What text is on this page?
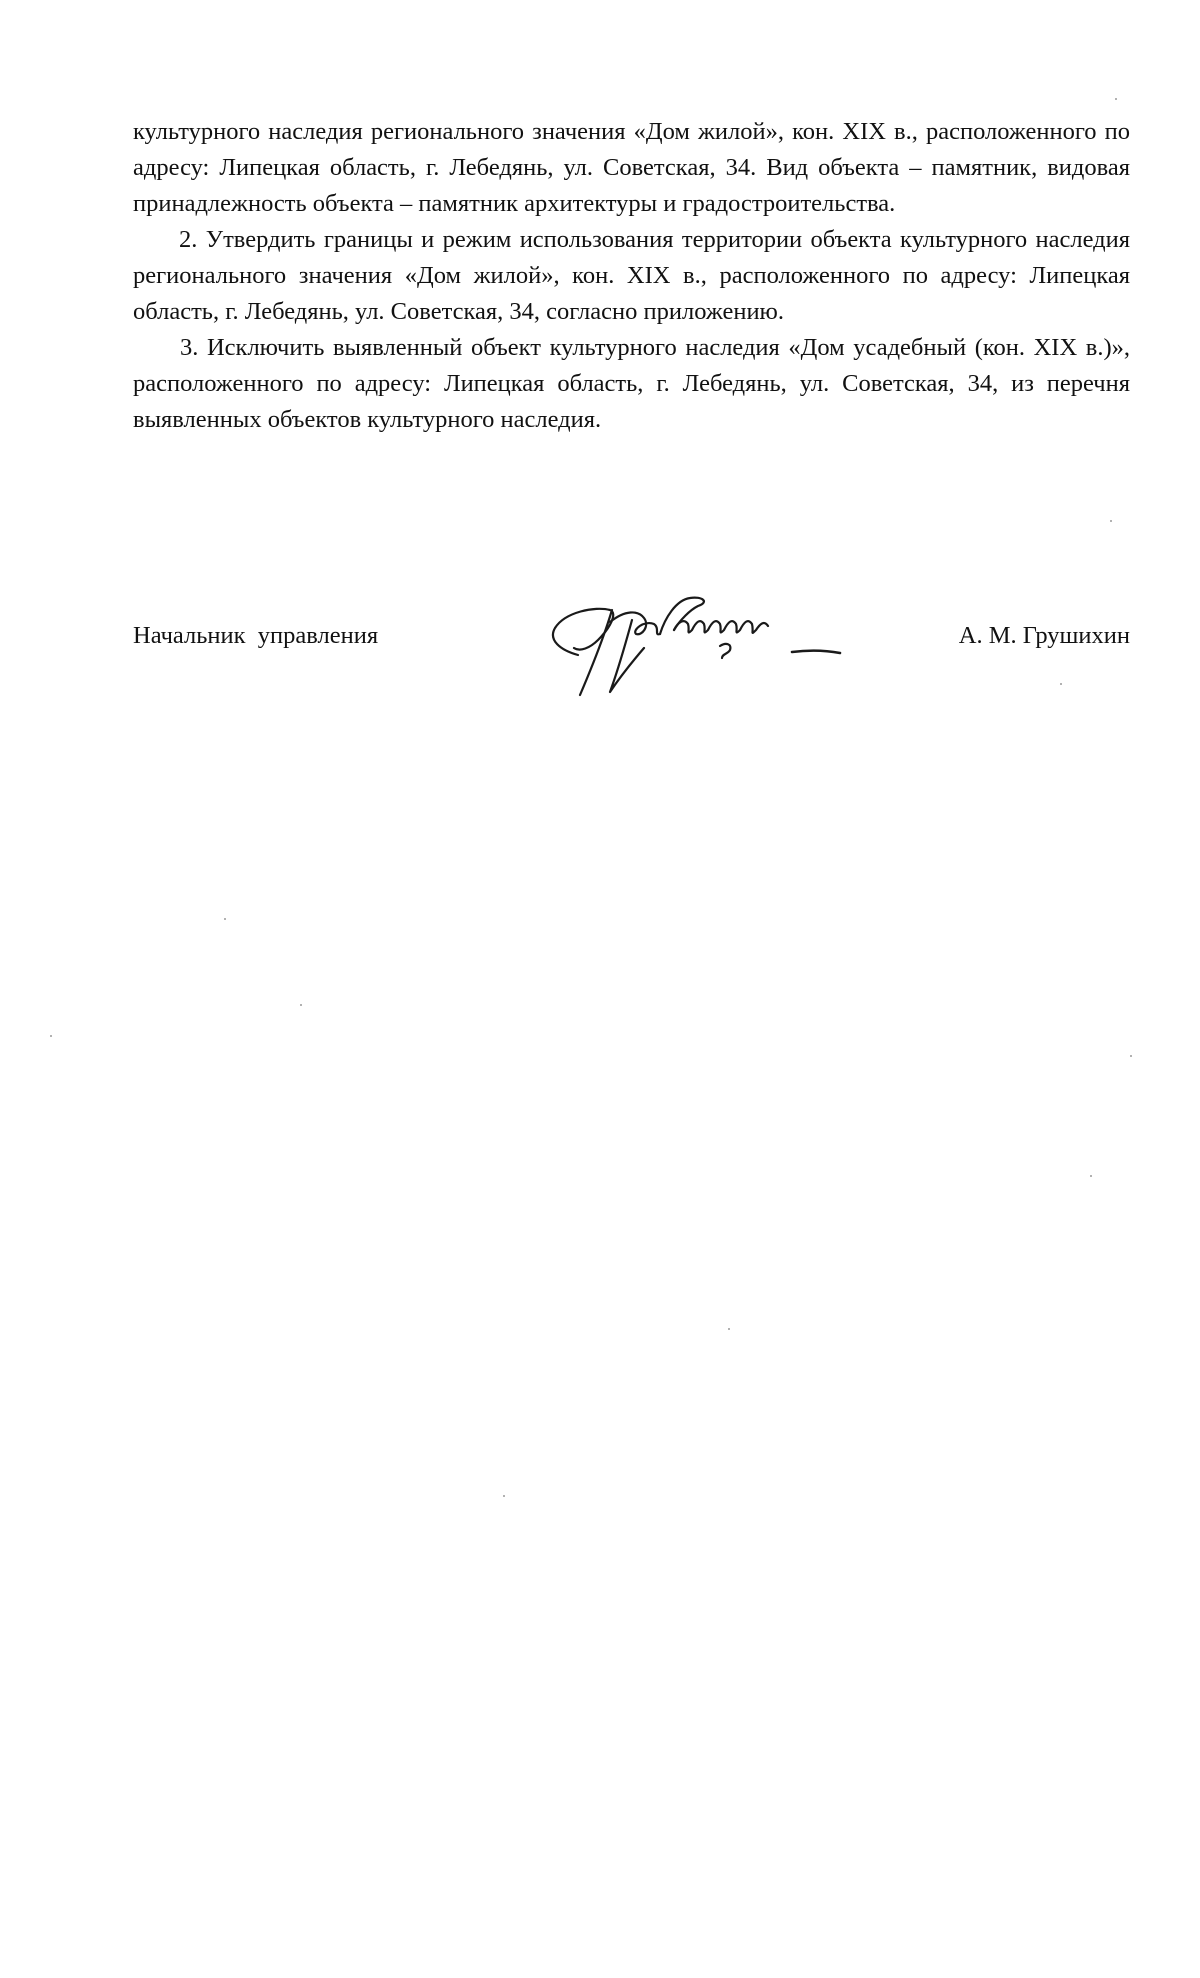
культурного наследия регионального значения «Дом жилой», кон. XIX в., расположенного по адресу: Липецкая область, г. Лебедянь, ул. Советская, 34. Вид объекта – памятник, видовая принадлежность объекта – памятник архитектуры и градостроительства.

2. Утвердить границы и режим использования территории объекта культурного наследия регионального значения «Дом жилой», кон. XIX в., расположенного по адресу: Липецкая область, г. Лебедянь, ул. Советская, 34, согласно приложению.

3. Исключить выявленный объект культурного наследия «Дом усадебный (кон. XIX в.)», расположенного по адресу: Липецкая область, г. Лебедянь, ул. Советская, 34, из перечня выявленных объектов культурного наследия.

Начальник  управления	А. М. Грушихин
